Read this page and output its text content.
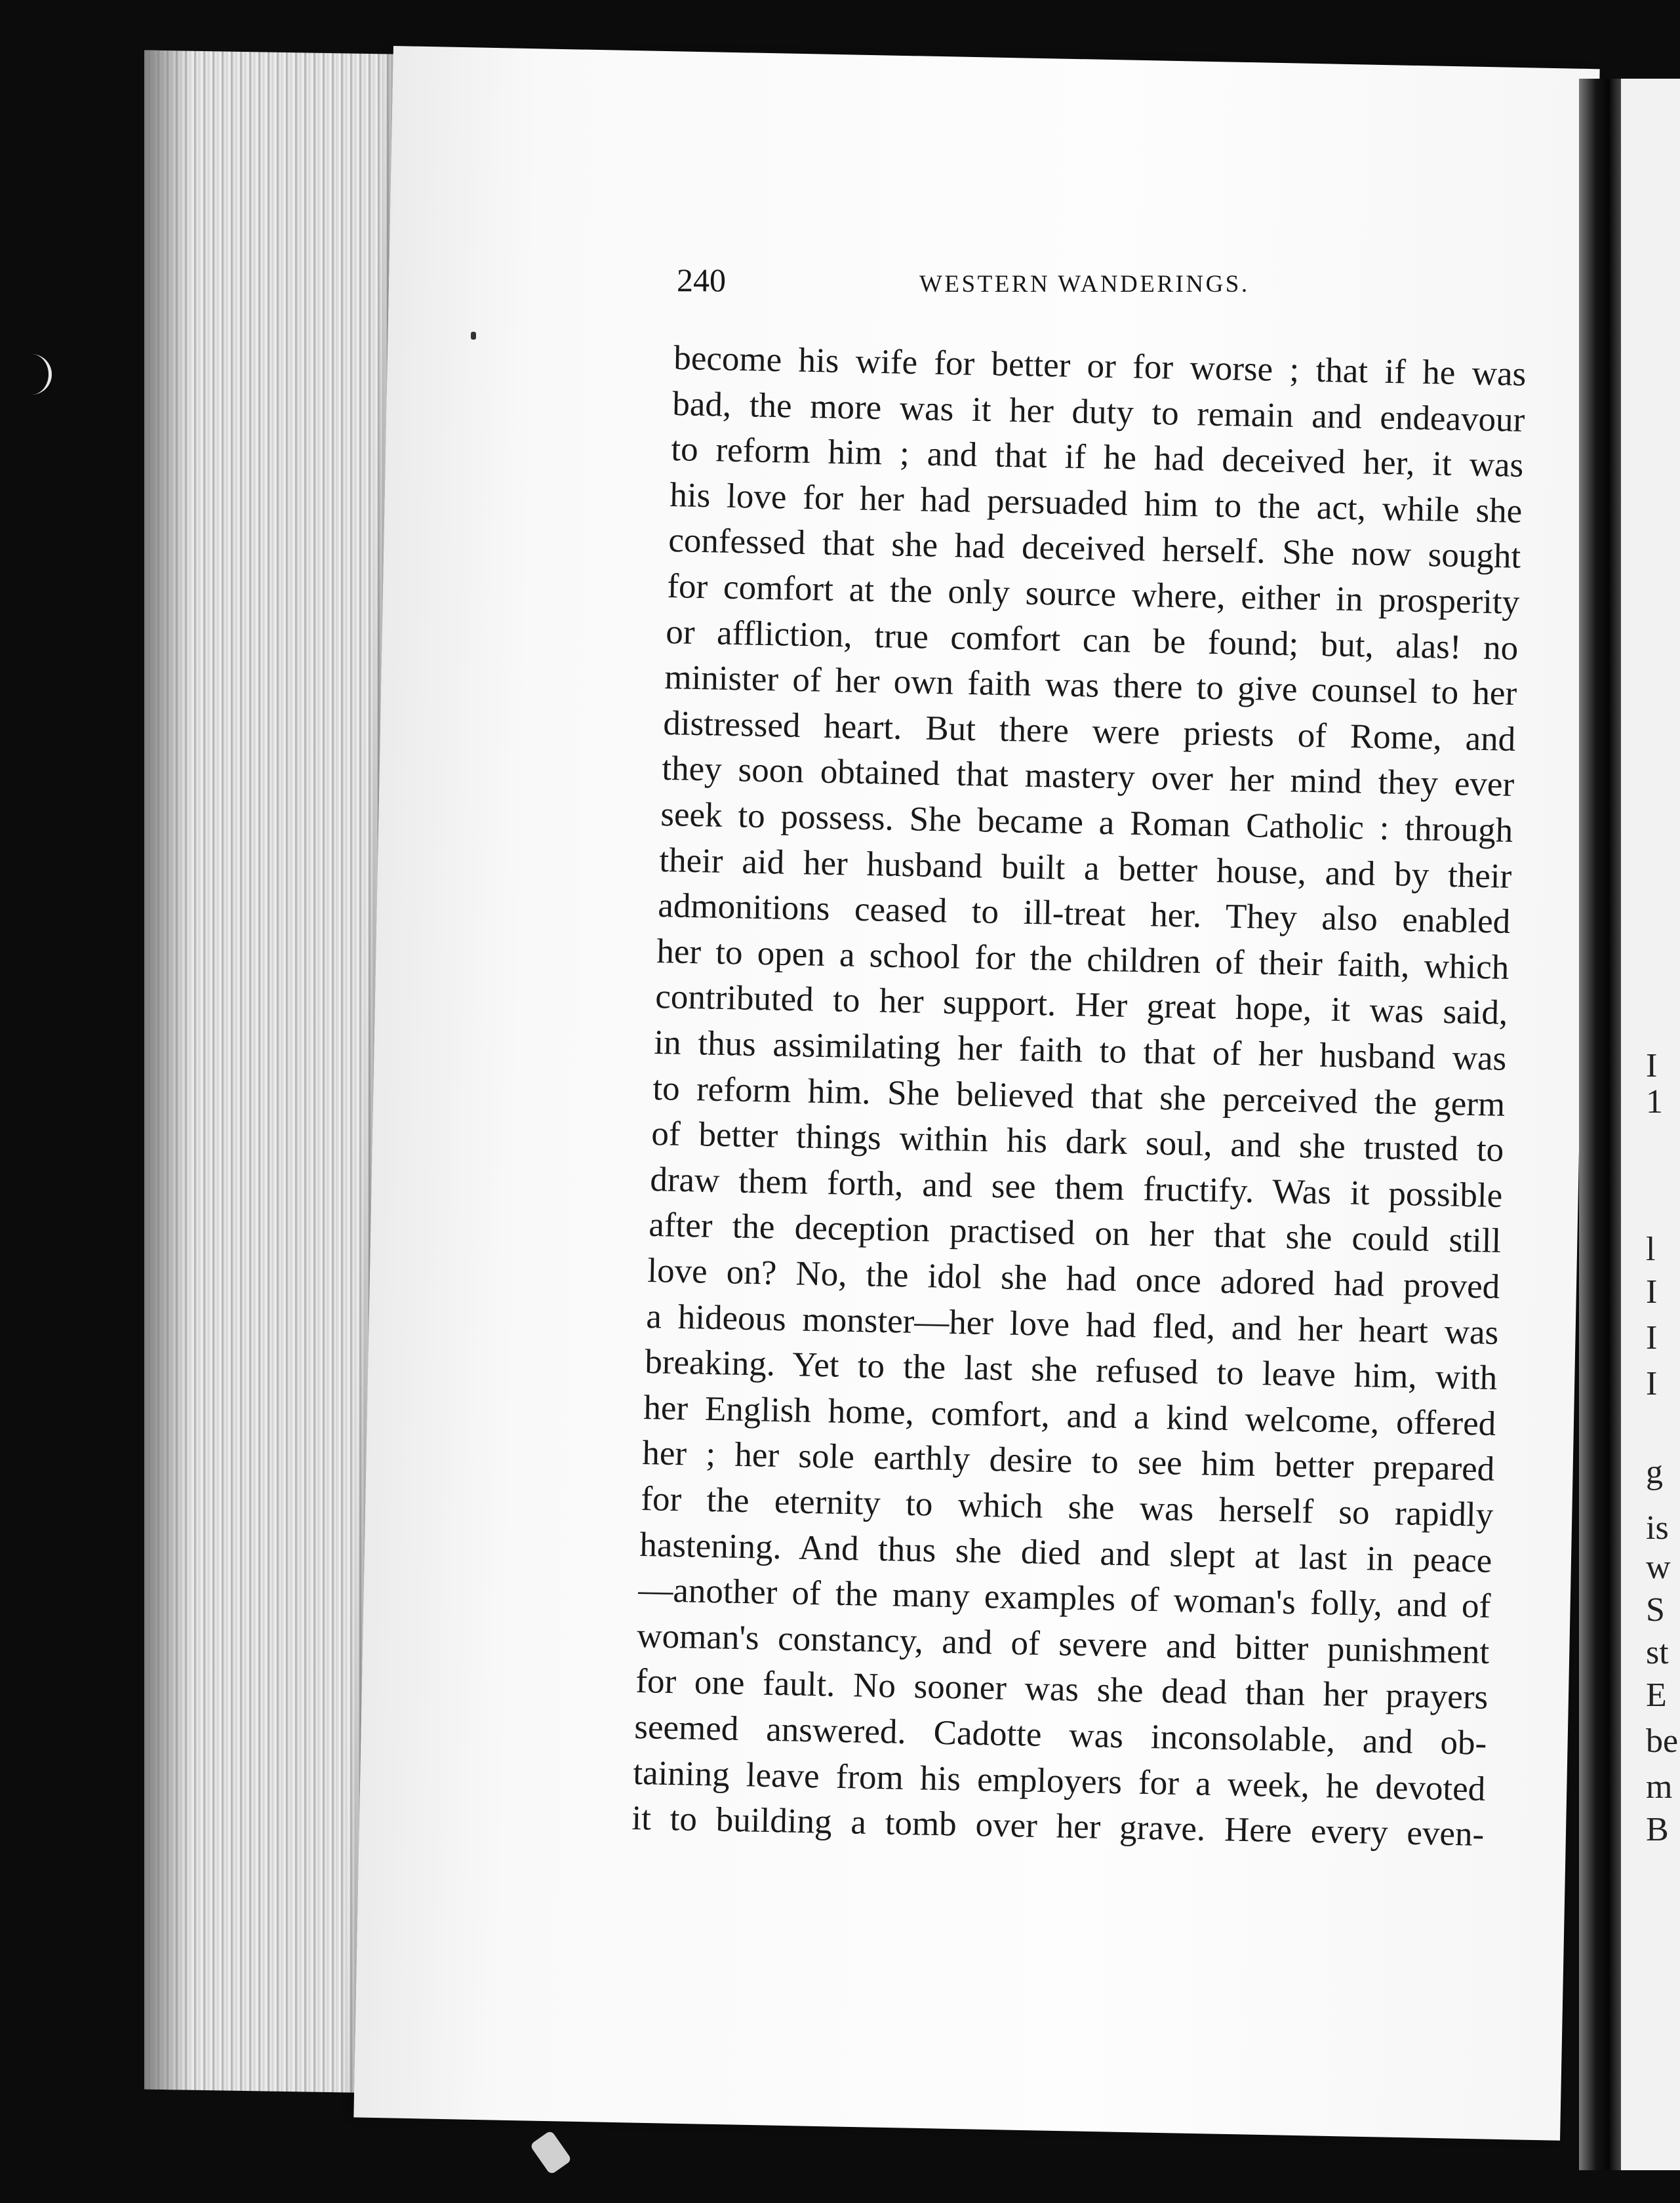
I
1
l
I
I
I
g
is
w
S
st
E
be
m
B
240	WESTERN WANDERINGS.
become his wife for better or for worse ; that if he was
bad, the more was it her duty to remain and endeavour
to reform him ; and that if he had deceived her, it was
his love for her had persuaded him to the act, while she
confessed that she had deceived herself. She now sought
for comfort at the only source where, either in prosperity
or affliction, true comfort can be found; but, alas! no
minister of her own faith was there to give counsel to her
distressed heart. But there were priests of Rome, and
they soon obtained that mastery over her mind they ever
seek to possess. She became a Roman Catholic : through
their aid her husband built a better house, and by their
admonitions ceased to ill-treat her. They also enabled
her to open a school for the children of their faith, which
contributed to her support. Her great hope, it was said,
in thus assimilating her faith to that of her husband was
to reform him. She believed that she perceived the germ
of better things within his dark soul, and she trusted to
draw them forth, and see them fructify. Was it possible
after the deception practised on her that she could still
love on? No, the idol she had once adored had proved
a hideous monster—her love had fled, and her heart was
breaking. Yet to the last she refused to leave him, with
her English home, comfort, and a kind welcome, offered
her ; her sole earthly desire to see him better prepared
for the eternity to which she was herself so rapidly
hastening. And thus she died and slept at last in peace
—another of the many examples of woman's folly, and of
woman's constancy, and of severe and bitter punishment
for one fault. No sooner was she dead than her prayers
seemed answered. Cadotte was inconsolable, and ob-
taining leave from his employers for a week, he devoted
it to building a tomb over her grave. Here every even-
